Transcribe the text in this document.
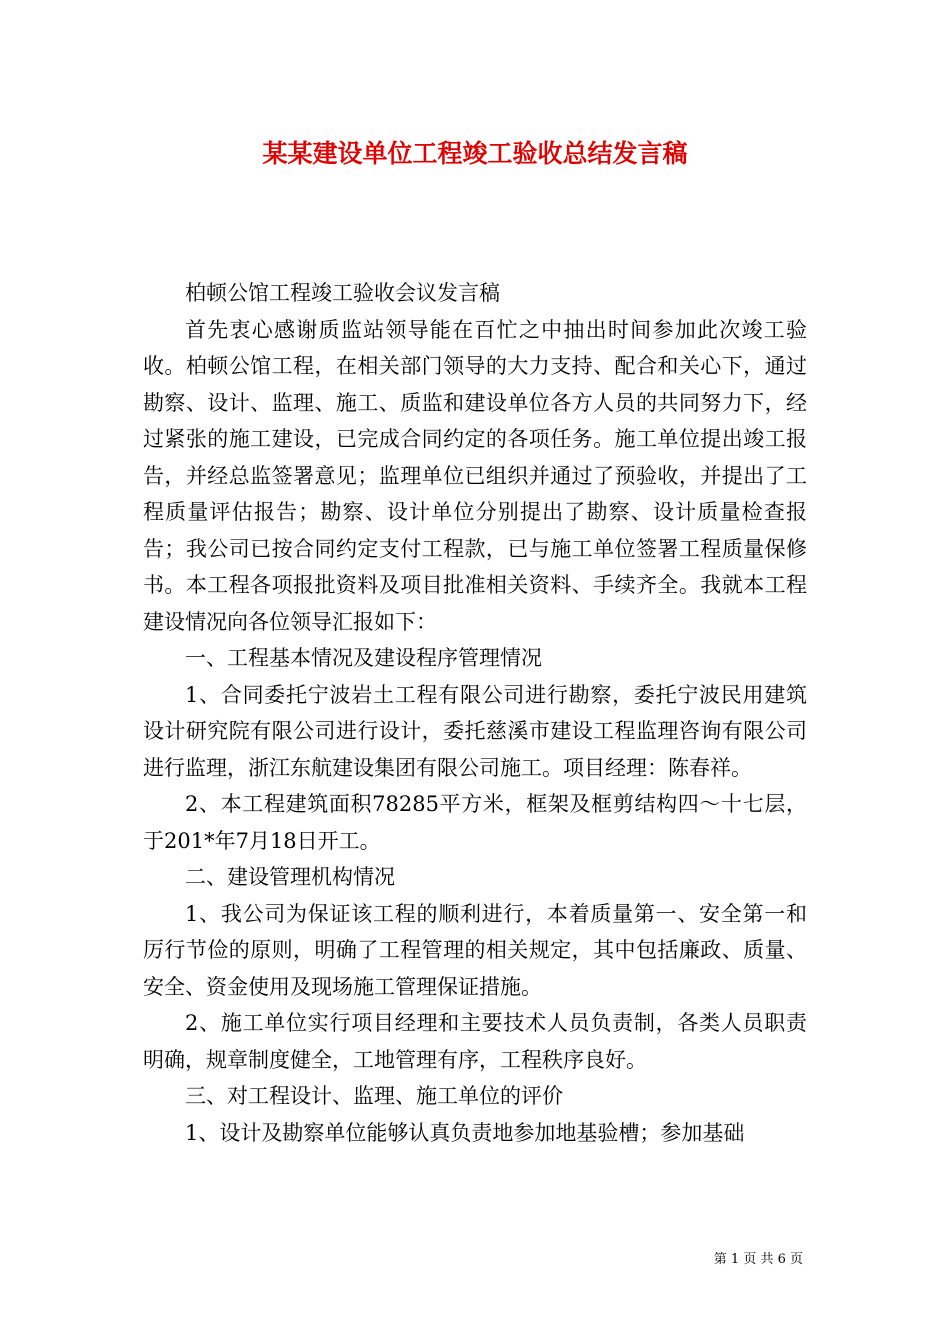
某某建设单位工程竣工验收总结发言稿

柏顿公馆工程竣工验收会议发言稿

首先衷心感谢质监站领导能在百忙之中抽出时间参加此次竣工验收。柏顿公馆工程，在相关部门领导的大力支持、配合和关心下，通过勘察、设计、监理、施工、质监和建设单位各方人员的共同努力下，经过紧张的施工建设，已完成合同约定的各项任务。施工单位提出竣工报告，并经总监签署意见；监理单位已组织并通过了预验收，并提出了工程质量评估报告；勘察、设计单位分别提出了勘察、设计质量检查报告；我公司已按合同约定支付工程款，已与施工单位签署工程质量保修书。本工程各项报批资料及项目批准相关资料、手续齐全。我就本工程建设情况向各位领导汇报如下：

一、工程基本情况及建设程序管理情况

1、合同委托宁波岩土工程有限公司进行勘察，委托宁波民用建筑设计研究院有限公司进行设计，委托慈溪市建设工程监理咨询有限公司进行监理，浙江东航建设集团有限公司施工。项目经理：陈春祥。

2、本工程建筑面积78285平方米，框架及框剪结构四～十七层，于201*年7月18日开工。

二、建设管理机构情况

1、我公司为保证该工程的顺利进行，本着质量第一、安全第一和厉行节俭的原则，明确了工程管理的相关规定，其中包括廉政、质量、安全、资金使用及现场施工管理保证措施。

2、施工单位实行项目经理和主要技术人员负责制，各类人员职责明确，规章制度健全，工地管理有序，工程秩序良好。

三、对工程设计、监理、施工单位的评价

1、设计及勘察单位能够认真负责地参加地基验槽；参加基础

第 1 页 共 6 页
